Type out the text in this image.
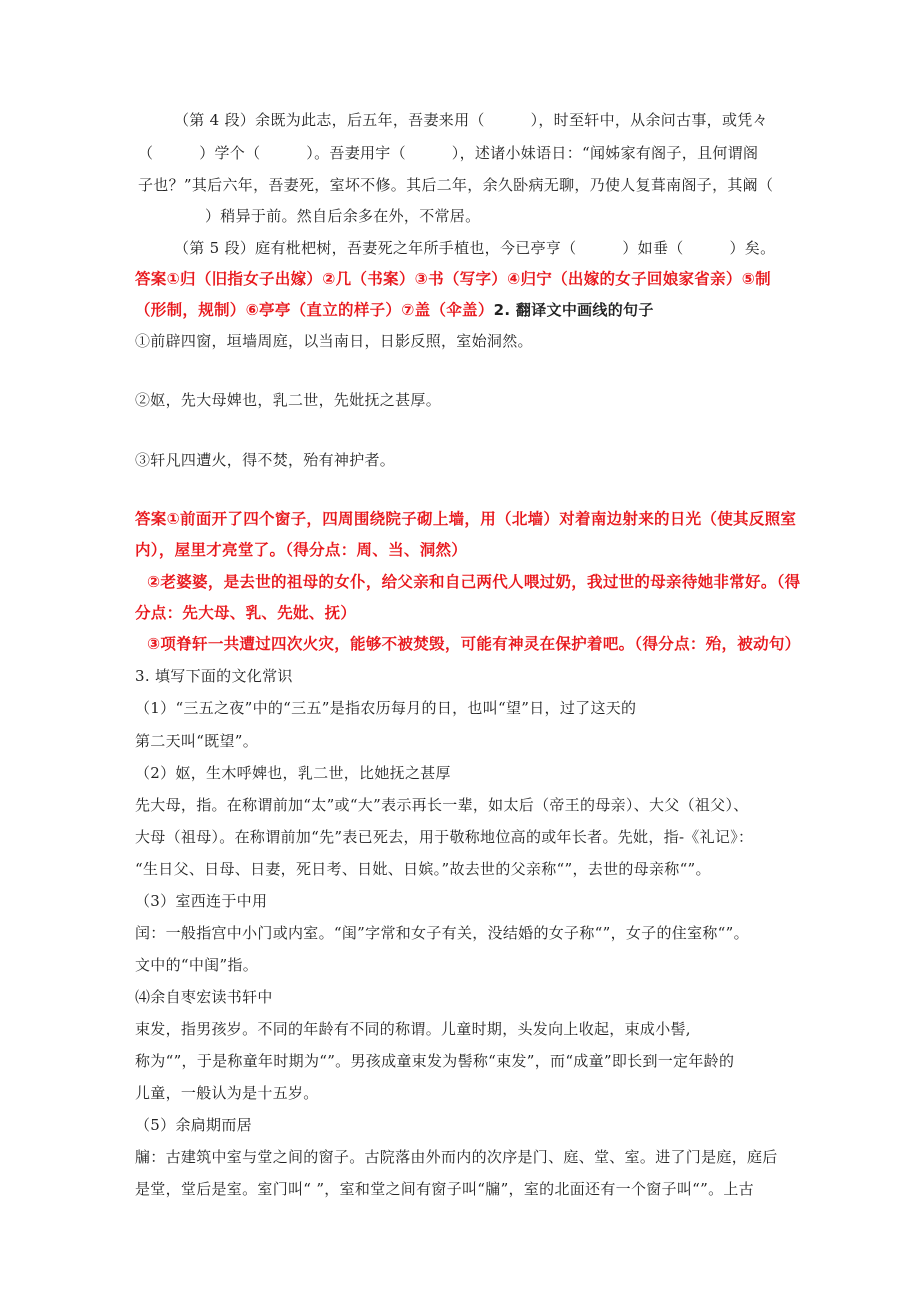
（第 4 段）余既为此志，后五年，吾妻来用（　　　），时至轩中，从余问古事，或凭々
（　　　）学个（　　　）。吾妻用宇（　　　），述诸小妹语日：“闻姊家有阁子，且何谓阁
子也？”其后六年，吾妻死，室坏不修。其后二年，余久卧病无聊，乃使人复葺南阁子，其阚（
）稍异于前。然自后余多在外，不常居。
（第 5 段）庭有枇杷树，吾妻死之年所手植也，今已亭亨（　　　）如垂（　　　）矣。
答案①归（旧指女子出嫁）②几（书案）③书（写字）④归宁（出嫁的女子回娘家省亲）⑤制
（形制，规制）⑥亭亭（直立的样子）⑦盖（伞盖）2. 翻译文中画线的句子
①前辟四窗，垣墙周庭，以当南日，日影反照，室始洞然。
②妪，先大母婢也，乳二世，先妣抚之甚厚。
③轩凡四遭火，得不焚，殆有神护者。
答案①前面开了四个窗子，四周围绕院子砌上墙，用（北墙）对着南边射来的日光（使其反照室
内），屋里才亮堂了。（得分点：周、当、洞然）
②老婆婆，是去世的祖母的女仆，给父亲和自己两代人喂过奶，我过世的母亲待她非常好。（得
分点：先大母、乳、先妣、抚）
③项脊轩一共遭过四次火灾，能够不被焚毁，可能有神灵在保护着吧。（得分点：殆，被动句）
3. 填写下面的文化常识
（1）“三五之夜”中的“三五”是指农历每月的日，也叫“望”日，过了这天的
第二天叫“既望”。
（2）妪，生木呼婢也，乳二世，比她抚之甚厚
先大母，指。在称谓前加“太”或“大”表示再长一辈，如太后（帝王的母亲）、大父（祖父）、
大母（祖母）。在称谓前加“先”表已死去，用于敬称地位高的或年长者。先妣，指-《礼记》：
“生日父、日母、日妻，死日考、日妣、日嫔。”故去世的父亲称“”，去世的母亲称“”。
（3）室西连于中用
闰：一般指宫中小门或内室。“闺”字常和女子有关，没结婚的女子称“”，女子的住室称“”。
文中的“中闺”指。
⑷余自枣宏读书轩中
束发，指男孩岁。不同的年龄有不同的称谓。儿童时期，头发向上收起，束成小髻,
称为“”，于是称童年时期为“”。男孩成童束发为髻称“束发”，而“成童”即长到一定年龄的
儿童，一般认为是十五岁。
（5）余扃期而居
牖：古建筑中室与堂之间的窗子。古院落由外而内的次序是门、庭、堂、室。进了门是庭，庭后
是堂，堂后是室。室门叫“ ”，室和堂之间有窗子叫“牖”，室的北面还有一个窗子叫“”。上古
